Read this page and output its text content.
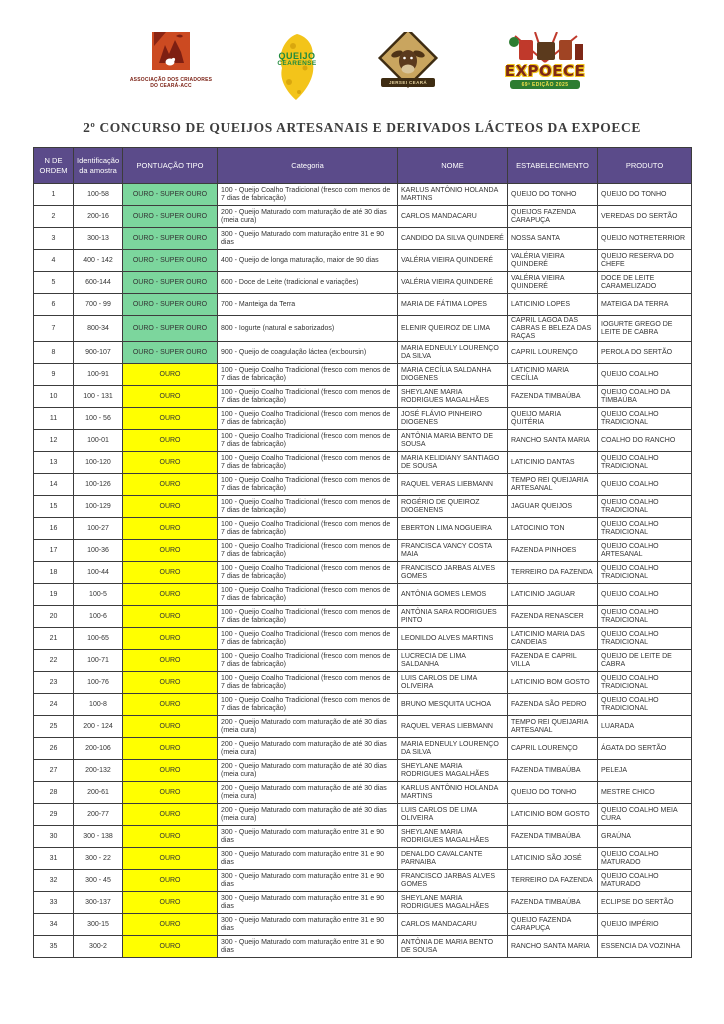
ASSOCIAÇÃO DOS CRIADORES
DO CEARÁ-ACC
QUEIJO
CEARENSE
JERSEI CEARÁ
EXPOECE
69ª EDIÇÃO 2025
2º CONCURSO DE QUEIJOS ARTESANAIS E DERIVADOS LÁCTEOS DA EXPOECE
N DE ORDEM	Identificação da amostra	PONTUAÇÃO TIPO	Categoria	NOME	ESTABELECIMENTO	PRODUTO
1	100-58	OURO - SUPER OURO	100 - Queijo Coalho Tradicional (fresco com menos de 7 dias de fabricação)	KARLUS ANTÔNIO HOLANDA MARTINS	QUEIJO DO TONHO	QUEIJO DO TONHO
2	200-16	OURO - SUPER OURO	200 - Queijo Maturado com maturação de até 30 dias (meia cura)	CARLOS MANDACARU	QUEIJOS FAZENDA CARAPUÇA	VEREDAS DO SERTÃO
3	300-13	OURO - SUPER OURO	300 - Queijo Maturado com maturação entre 31 e 90 dias	CANDIDO DA SILVA QUINDERÉ	NOSSA SANTA	QUEIJO NOTRETERRIOR
4	400 - 142	OURO - SUPER OURO	400 - Queijo de longa maturação, maior de 90 dias	VALÉRIA VIEIRA QUINDERÉ	VALÉRIA VIEIRA QUINDERÉ	QUEIJO RESERVA DO CHEFE
5	600-144	OURO - SUPER OURO	600 - Doce de Leite (tradicional e variações)	VALÉRIA VIEIRA QUINDERÉ	VALÉRIA VIEIRA QUINDERÉ	DOCE DE LEITE CARAMELIZADO
6	700 - 99	OURO - SUPER OURO	700 - Manteiga da Terra	MARIA DE FÁTIMA LOPES	LATICINIO LOPES	MATEIGA DA TERRA
7	800-34	OURO - SUPER OURO	800 - Iogurte (natural e saborizados)	ELENIR QUEIROZ DE LIMA	CAPRIL LAGOA DAS CABRAS E BELEZA DAS RAÇAS	IOGURTE GREGO DE LEITE DE CABRA
8	900-107	OURO - SUPER OURO	900 - Queijo de coagulação láctea (ex:boursin)	MARIA EDNEULY LOURENÇO DA SILVA	CAPRIL LOURENÇO	PEROLA DO SERTÃO
9	100-91	OURO	100 - Queijo Coalho Tradicional (fresco com menos de 7 dias de fabricação)	MARIA CECÍLIA SALDANHA DIOGENES	LATICINIO MARIA CECÍLIA	QUEIJO COALHO
10	100 - 131	OURO	100 - Queijo Coalho Tradicional (fresco com menos de 7 dias de fabricação)	SHEYLANE MARIA RODRIGUES MAGALHÃES	FAZENDA TIMBAÚBA	QUEIJO COALHO DA TIMBAÚBA
11	100 - 56	OURO	100 - Queijo Coalho Tradicional (fresco com menos de 7 dias de fabricação)	JOSÉ FLÁVIO PINHEIRO DIOGENES	QUEIJO MARIA QUITÉRIA	QUEIJO COALHO TRADICIONAL
12	100-01	OURO	100 - Queijo Coalho Tradicional (fresco com menos de 7 dias de fabricação)	ANTÔNIA MARIA BENTO DE SOUSA	RANCHO SANTA MARIA	COALHO DO RANCHO
13	100-120	OURO	100 - Queijo Coalho Tradicional (fresco com menos de 7 dias de fabricação)	MARIA KELIDIANY SANTIAGO DE SOUSA	LATICINIO DANTAS	QUEIJO COALHO TRADICIONAL
14	100-126	OURO	100 - Queijo Coalho Tradicional (fresco com menos de 7 dias de fabricação)	RAQUEL VERAS LIEBMANN	TEMPO REI QUEIJARIA ARTESANAL	QUEIJO COALHO
15	100-129	OURO	100 - Queijo Coalho Tradicional (fresco com menos de 7 dias de fabricação)	ROGÉRIO DE QUEIROZ DIOGENENS	JAGUAR QUEIJOS	QUEIJO COALHO TRADICIONAL
16	100-27	OURO	100 - Queijo Coalho Tradicional (fresco com menos de 7 dias de fabricação)	EBERTON LIMA NOGUEIRA	LATOCINIO TON	QUEIJO COALHO TRADICIONAL
17	100-36	OURO	100 - Queijo Coalho Tradicional (fresco com menos de 7 dias de fabricação)	FRANCISCA VANCY COSTA MAIA	FAZENDA PINHOES	QUEIJO COALHO ARTESANAL
18	100-44	OURO	100 - Queijo Coalho Tradicional (fresco com menos de 7 dias de fabricação)	FRANCISCO JARBAS ALVES GOMES	TERREIRO DA FAZENDA	QUEIJO COALHO TRADICIONAL
19	100-5	OURO	100 - Queijo Coalho Tradicional (fresco com menos de 7 dias de fabricação)	ANTÔNIA GOMES LEMOS	LATICINIO JAGUAR	QUEIJO COALHO
20	100-6	OURO	100 - Queijo Coalho Tradicional (fresco com menos de 7 dias de fabricação)	ANTÔNIA SARA RODRIGUES PINTO	FAZENDA RENASCER	QUEIJO COALHO TRADICIONAL
21	100-65	OURO	100 - Queijo Coalho Tradicional (fresco com menos de 7 dias de fabricação)	LEONILDO ALVES MARTINS	LATICINIO MARIA DAS CANDEIAS	QUEIJO COALHO TRADICIONAL
22	100-71	OURO	100 - Queijo Coalho Tradicional (fresco com menos de 7 dias de fabricação)	LUCRECIA DE LIMA SALDANHA	FAZENDA E CAPRIL VILLA	QUEIJO DE LEITE DE CABRA
23	100-76	OURO	100 - Queijo Coalho Tradicional (fresco com menos de 7 dias de fabricação)	LUIS CARLOS DE LIMA OLIVEIRA	LATICINIO BOM GOSTO	QUEIJO COALHO TRADICIONAL
24	100-8	OURO	100 - Queijo Coalho Tradicional (fresco com menos de 7 dias de fabricação)	BRUNO MESQUITA UCHOA	FAZENDA SÃO PEDRO	QUEIJO COALHO TRADICIONAL
25	200 - 124	OURO	200 - Queijo Maturado com maturação de até 30 dias (meia cura)	RAQUEL VERAS LIEBMANN	TEMPO REI QUEIJARIA ARTESANAL	LUARADA
26	200-106	OURO	200 - Queijo Maturado com maturação de até 30 dias (meia cura)	MARIA EDNEULY LOURENÇO DA SILVA	CAPRIL LOURENÇO	ÁGATA DO SERTÃO
27	200-132	OURO	200 - Queijo Maturado com maturação de até 30 dias (meia cura)	SHEYLANE MARIA RODRIGUES MAGALHÃES	FAZENDA TIMBAÚBA	PELEJA
28	200-61	OURO	200 - Queijo Maturado com maturação de até 30 dias (meia cura)	KARLUS ANTÔNIO HOLANDA MARTINS	QUEIJO DO TONHO	MESTRE CHICO
29	200-77	OURO	200 - Queijo Maturado com maturação de até 30 dias (meia cura)	LUIS CARLOS DE LIMA OLIVEIRA	LATICINIO BOM GOSTO	QUEIJO COALHO MEIA CURA
30	300 - 138	OURO	300 - Queijo Maturado com maturação entre 31 e 90 dias	SHEYLANE MARIA RODRIGUES MAGALHÃES	FAZENDA TIMBAÚBA	GRAÚNA
31	300 - 22	OURO	300 - Queijo Maturado com maturação entre 31 e 90 dias	DENALDO CAVALCANTE PARNAIBA	LATICINIO SÃO JOSÉ	QUEIJO COALHO MATURADO
32	300 - 45	OURO	300 - Queijo Maturado com maturação entre 31 e 90 dias	FRANCISCO JARBAS ALVES GOMES	TERREIRO DA FAZENDA	QUEIJO COALHO MATURADO
33	300-137	OURO	300 - Queijo Maturado com maturação entre 31 e 90 dias	SHEYLANE MARIA RODRIGUES MAGALHÃES	FAZENDA TIMBAÚBA	ECLIPSE DO SERTÃO
34	300-15	OURO	300 - Queijo Maturado com maturação entre 31 e 90 dias	CARLOS MANDACARU	QUEIJO FAZENDA CARAPUÇA	QUEIJO IMPÉRIO
35	300-2	OURO	300 - Queijo Maturado com maturação entre 31 e 90 dias	ANTÔNIA DE MARIA BENTO DE SOUSA	RANCHO SANTA MARIA	ESSENCIA DA VOZINHA
